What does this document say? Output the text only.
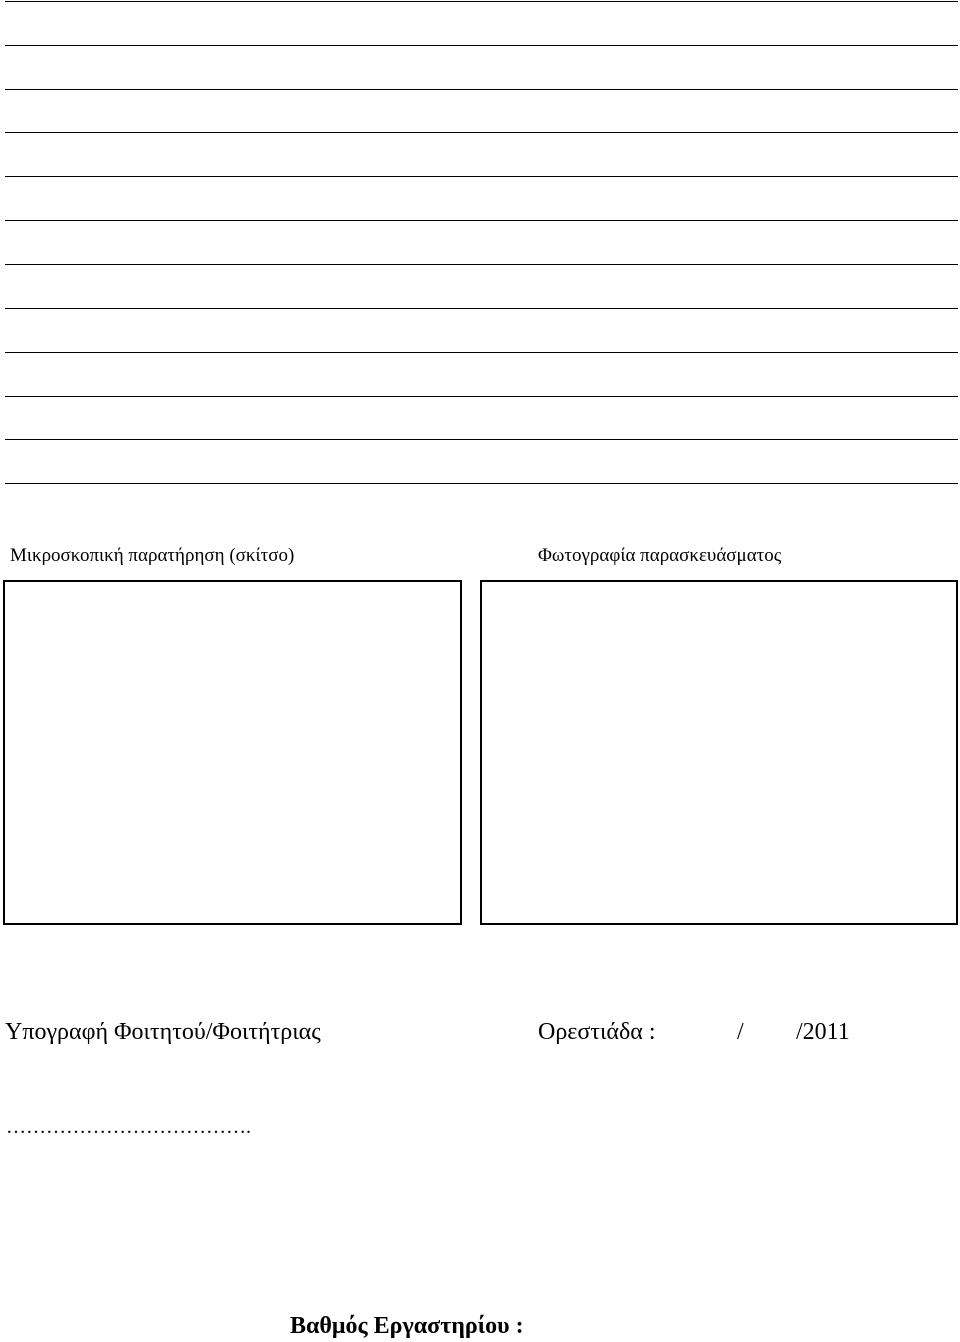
Μικροσκοπική παρατήρηση (σκίτσο)	Φωτογραφία παρασκευάσματος
Υπογραφή Φοιτητού/Φοιτήτριας	Ορεστιάδα :	/ /2011
……………………………….
Βαθμός Εργαστηρίου :
